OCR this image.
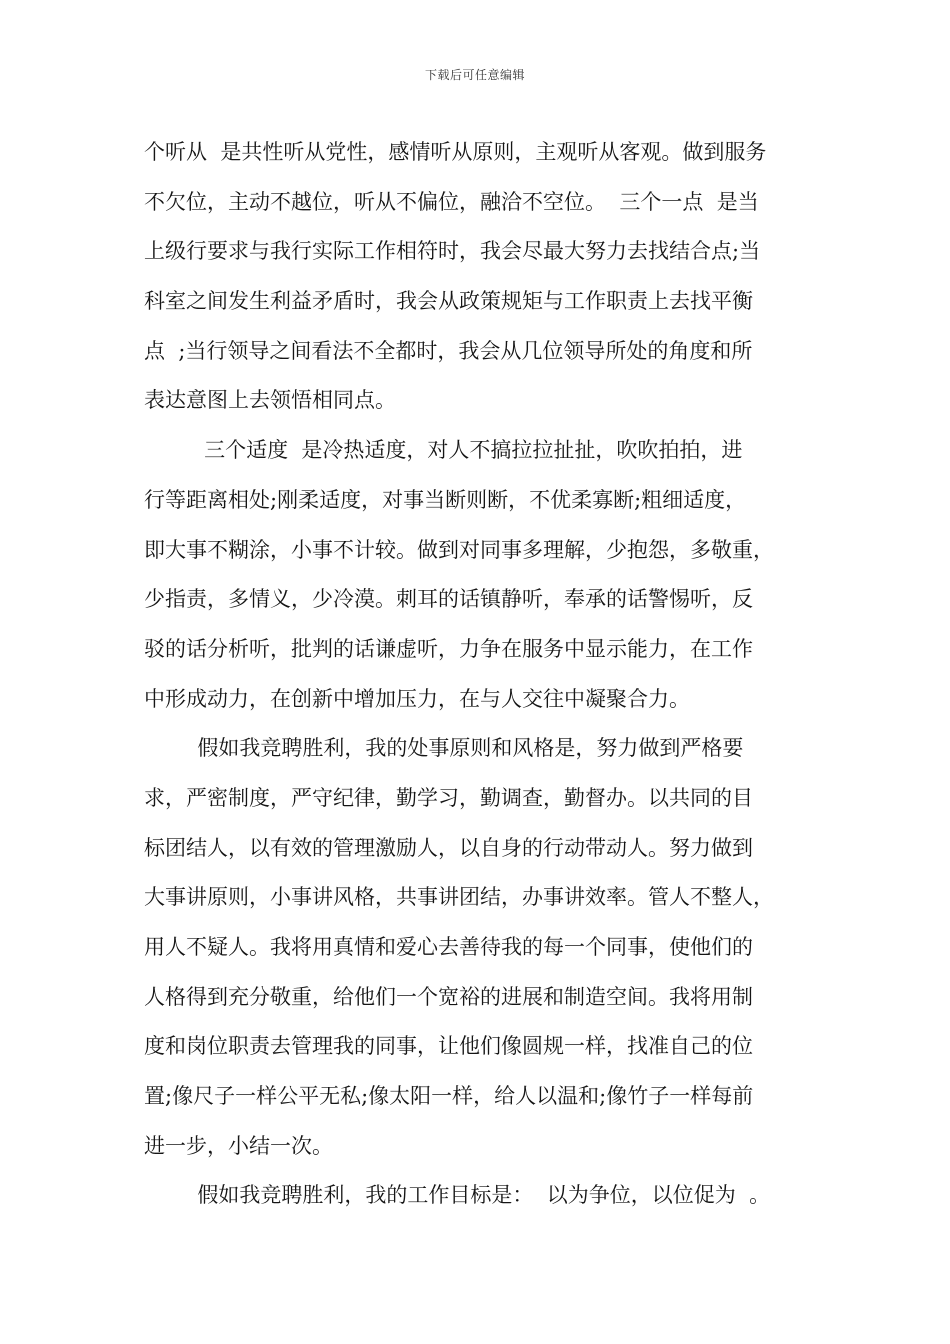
下载后可任意编辑
个听从  是共性听从党性，感情听从原则，主观听从客观。做到服务
不欠位，主动不越位，听从不偏位，融洽不空位。  三个一点  是当
上级行要求与我行实际工作相符时，我会尽最大努力去找结合点;当
科室之间发生利益矛盾时，我会从政策规矩与工作职责上去找平衡
点  ;当行领导之间看法不全都时，我会从几位领导所处的角度和所
表达意图上去领悟相同点。
三个适度  是冷热适度，对人不搞拉拉扯扯，吹吹拍拍，进
行等距离相处;刚柔适度，对事当断则断，不优柔寡断;粗细适度，
即大事不糊涂，小事不计较。做到对同事多理解，少抱怨，多敬重，
少指责，多情义，少冷漠。刺耳的话镇静听，奉承的话警惕听，反
驳的话分析听，批判的话谦虚听，力争在服务中显示能力，在工作
中形成动力，在创新中增加压力，在与人交往中凝聚合力。
假如我竞聘胜利，我的处事原则和风格是，努力做到严格要
求，严密制度，严守纪律，勤学习，勤调查，勤督办。以共同的目
标团结人，以有效的管理激励人，以自身的行动带动人。努力做到
大事讲原则，小事讲风格，共事讲团结，办事讲效率。管人不整人，
用人不疑人。我将用真情和爱心去善待我的每一个同事，使他们的
人格得到充分敬重，给他们一个宽裕的进展和制造空间。我将用制
度和岗位职责去管理我的同事，让他们像圆规一样，找准自己的位
置;像尺子一样公平无私;像太阳一样，给人以温和;像竹子一样每前
进一步，小结一次。
假如我竞聘胜利，我的工作目标是：  以为争位，以位促为  。
